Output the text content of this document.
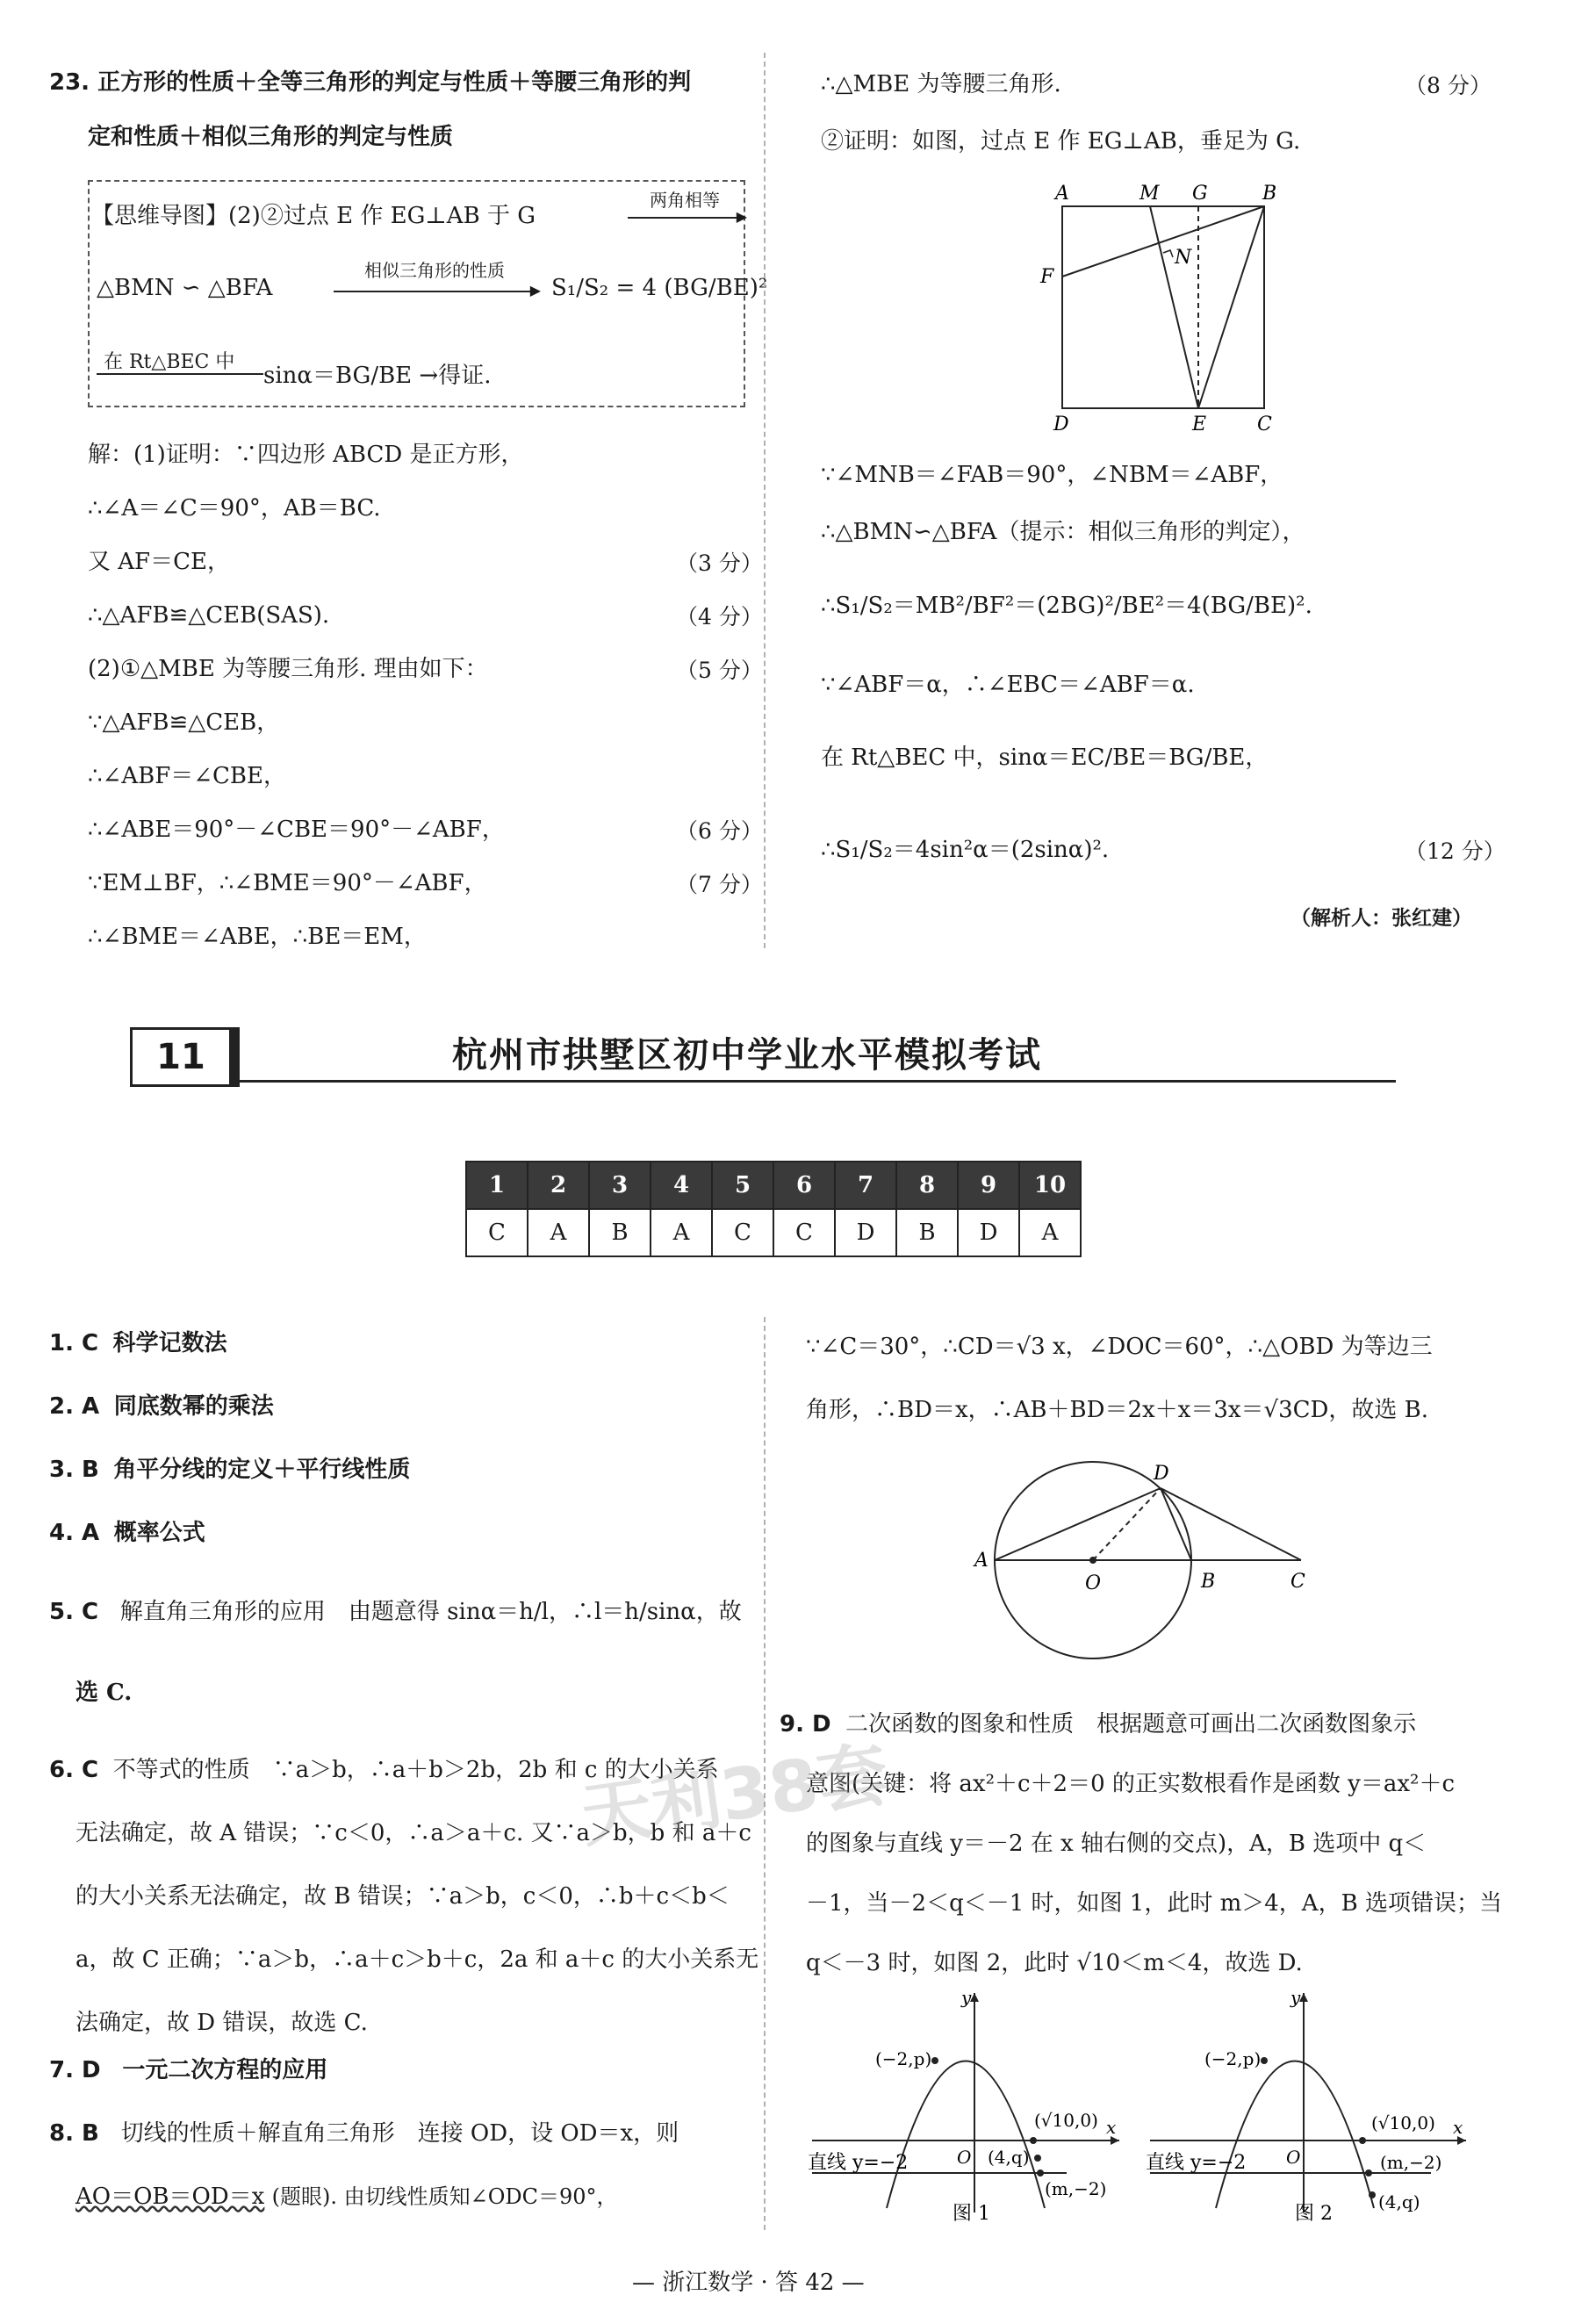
23. 正方形的性质＋全等三角形的判定与性质＋等腰三角形的判
定和性质＋相似三角形的判定与性质
【思维导图】(2)②过点 E 作 EG⊥AB 于 G
两角相等
▶
△BMN ∽ △BFA
相似三角形的性质
▶ S₁/S₂ = 4 (BG/BE)²
在 Rt△BEC 中
sinα＝BG/BE →得证.
解：(1)证明：∵四边形 ABCD 是正方形，
∴∠A＝∠C＝90°，AB＝BC.
又 AF＝CE，	（3 分）
∴△AFB≌△CEB(SAS).	（4 分）
(2)①△MBE 为等腰三角形. 理由如下：	（5 分）
∵△AFB≌△CEB，
∴∠ABF＝∠CBE，
∴∠ABE＝90°－∠CBE＝90°－∠ABF，	（6 分）
∵EM⊥BF，∴∠BME＝90°－∠ABF，	（7 分）
∴∠BME＝∠ABE，∴BE＝EM，
∴△MBE 为等腰三角形.	（8 分）
②证明：如图，过点 E 作 EG⊥AB，垂足为 G.
∵∠MNB＝∠FAB＝90°，∠NBM＝∠ABF，
∴△BMN∽△BFA（提示：相似三角形的判定），
∴S₁/S₂＝MB²/BF²＝(2BG)²/BE²＝4(BG/BE)².
∵∠ABF＝α，∴∠EBC＝∠ABF＝α.
在 Rt△BEC 中，sinα＝EC/BE＝BG/BE，
∴S₁/S₂＝4sin²α＝(2sinα)².	（12 分）
A	M G	B
F
N
D	E	C
（解析人：张红建）
11	杭州市拱墅区初中学业水平模拟考试
1	2	3	4	5	6	7	8	9	10
C	A	B	A	C	C	D	B	D	A
1. C 科学记数法
2. A 同底数幂的乘法
3. B 角平分线的定义＋平行线性质
4. A 概率公式
5. C 解直角三角形的应用　由题意得 sinα＝h/l，∴l＝h/sinα，故
选 C.
6. C 不等式的性质　∵a＞b，∴a＋b＞2b，2b 和 c 的大小关系
无法确定，故 A 错误；∵c＜0，∴a＞a＋c. 又∵a＞b，b 和 a＋c
的大小关系无法确定，故 B 错误；∵a＞b，c＜0，∴b＋c＜b＜
a，故 C 正确；∵a＞b，∴a＋c＞b＋c，2a 和 a＋c 的大小关系无
法确定，故 D 错误，故选 C.
7. D 一元二次方程的应用
8. B 切线的性质＋解直角三角形　连接 OD，设 OD＝x，则
AO＝OB＝OD＝x (题眼). 由切线性质知∠ODC＝90°，
∵∠C＝30°，∴CD＝√3 x，∠DOC＝60°，∴△OBD 为等边三
角形，∴BD＝x，∴AB＋BD＝2x＋x＝3x＝√3CD，故选 B.
A
O	B	C
D
9. D 二次函数的图象和性质　根据题意可画出二次函数图象示
意图(关键：将 ax²＋c＋2＝0 的正实数根看作是函数 y＝ax²＋c
的图象与直线 y＝－2 在 x 轴右侧的交点)，A，B 选项中 q＜
－1，当－2＜q＜－1 时，如图 1，此时 m＞4，A，B 选项错误；当
q＜－3 时，如图 2，此时 √10＜m＜4，故选 D.
y
x
O
(−2,p)
(√10,0)
(4,q)
(m,−2)
直线 y=−2
图 1
y
x
O
(−2,p)
(√10,0)
(m,−2)
(4,q)
直线 y=−2
图 2
天利38套
— 浙江数学 · 答 42 —
